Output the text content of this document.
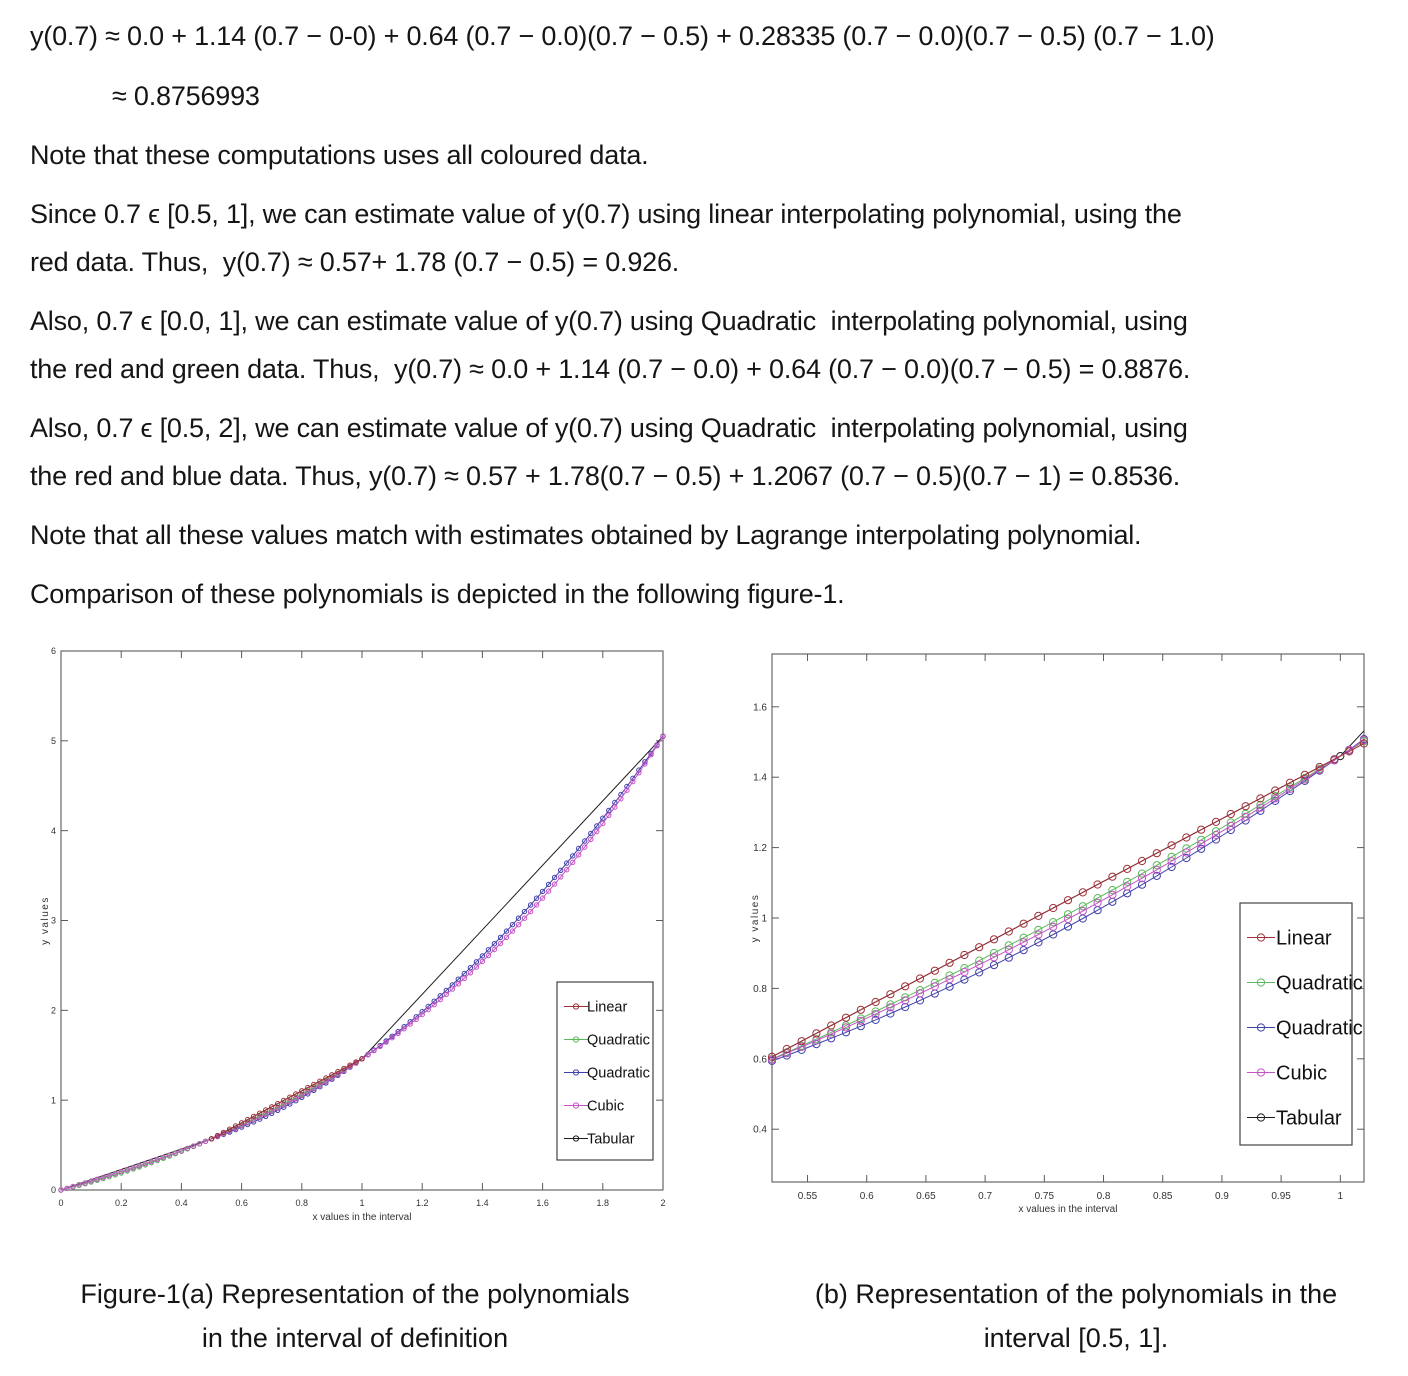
y(0.7) ≈ 0.0 + 1.14 (0.7 − 0-0) + 0.64 (0.7 − 0.0)(0.7 − 0.5) + 0.28335 (0.7 − 0.0)(0.7 − 0.5) (0.7 − 1.0)
≈ 0.8756993
Note that these computations uses all coloured data.
Since 0.7 ϵ [0.5, 1], we can estimate value of y(0.7) using linear interpolating polynomial, using the
red data. Thus,  y(0.7) ≈ 0.57+ 1.78 (0.7 − 0.5) = 0.926.
Also, 0.7 ϵ [0.0, 1], we can estimate value of y(0.7) using Quadratic  interpolating polynomial, using
the red and green data. Thus,  y(0.7) ≈ 0.0 + 1.14 (0.7 − 0.0) + 0.64 (0.7 − 0.0)(0.7 − 0.5) = 0.8876.
Also, 0.7 ϵ [0.5, 2], we can estimate value of y(0.7) using Quadratic  interpolating polynomial, using
the red and blue data. Thus, y(0.7) ≈ 0.57 + 1.78(0.7 − 0.5) + 1.2067 (0.7 − 0.5)(0.7 − 1) = 0.8536.
Note that all these values match with estimates obtained by Lagrange interpolating polynomial.
Comparison of these polynomials is depicted in the following figure-1.
0	0.2	0.4	0.6	0.8	1	1.2	1.4	1.6	1.8	2
0
1
2
3
4
5
6
x values in the interval
y values
Linear
Quadratic
Quadratic
Cubic
Tabular
0.55	0.6	0.65	0.7	0.75	0.8	0.85	0.9	0.95	1
0.4
0.6
0.8
1
1.2
1.4
1.6
x values in the interval
y values	Linear
Quadratic
Quadratic
Cubic
Tabular
Figure-1(a) Representation of the polynomials
in the interval of definition
(b) Representation of the polynomials in the
interval [0.5, 1].
